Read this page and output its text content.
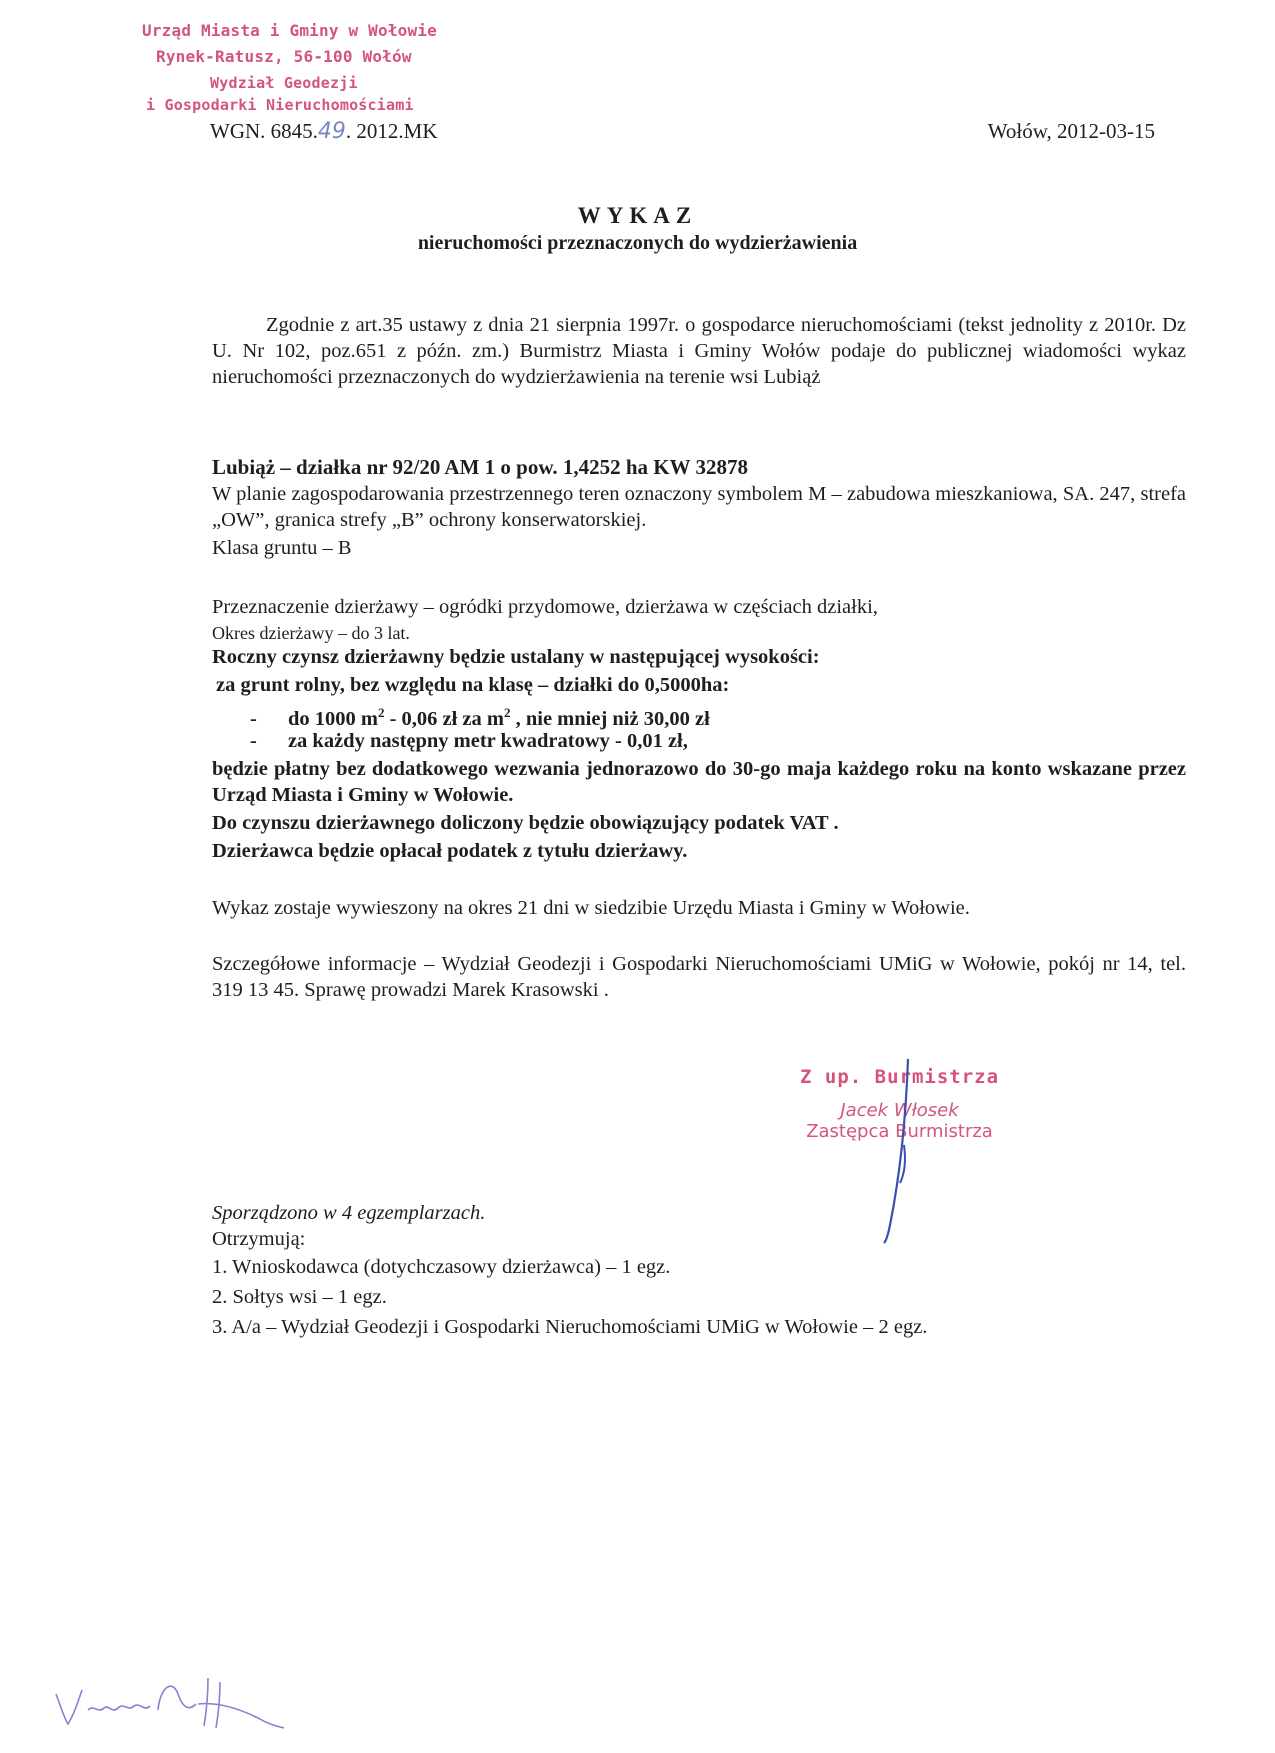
Urząd Miasta i Gminy w Wołowie
Rynek-Ratusz, 56-100 Wołów
Wydział Geodezji
i Gospodarki Nieruchomościami
WGN. 6845.49. 2012.MK	Wołów, 2012-03-15
WYKAZ
nieruchomości przeznaczonych do wydzierżawienia
Zgodnie z art.35 ustawy z dnia 21 sierpnia 1997r. o gospodarce nieruchomościami (tekst jednolity z 2010r. Dz U. Nr 102, poz.651 z późn. zm.) Burmistrz Miasta i Gminy Wołów podaje do publicznej wiadomości wykaz nieruchomości przeznaczonych do wydzierżawienia na terenie wsi Lubiąż
Lubiąż – działka nr 92/20 AM 1 o pow. 1,4252 ha KW 32878
W planie zagospodarowania przestrzennego teren oznaczony symbolem M – zabudowa mieszkaniowa, SA. 247, strefa „OW”, granica strefy „B” ochrony konserwatorskiej.
Klasa gruntu – B
Przeznaczenie dzierżawy – ogródki przydomowe, dzierżawa w częściach działki,
Okres dzierżawy – do 3 lat.
Roczny czynsz dzierżawny będzie ustalany w następującej wysokości:
za grunt rolny, bez względu na klasę – działki do 0,5000ha:
- do 1000 $m^2 - 0,06$ zł za $m^2$ , nie mniej niż 30,00 zł
- za każdy następny metr kwadratowy - 0,01 zł,
będzie płatny bez dodatkowego wezwania jednorazowo do 30-go maja każdego roku na konto wskazane przez Urząd Miasta i Gminy w Wołowie.
Do czynszu dzierżawnego doliczony będzie obowiązujący podatek VAT .
Dzierżawca będzie opłacał podatek z tytułu dzierżawy.
Wykaz zostaje wywieszony na okres 21 dni w siedzibie Urzędu Miasta i Gminy w Wołowie.
Szczegółowe informacje – Wydział Geodezji i Gospodarki Nieruchomościami UMiG w Wołowie, pokój nr 14, tel. 319 13 45. Sprawę prowadzi Marek Krasowski .
Z up. Burmistrza
Jacek Włosek
Zastępca Burmistrza
Sporządzono w 4 egzemplarzach.
Otrzymują:
1. Wnioskodawca (dotychczasowy dzierżawca) – 1 egz.
2. Sołtys wsi – 1 egz.
3. A/a – Wydział Geodezji i Gospodarki Nieruchomościami UMiG w Wołowie – 2 egz.
